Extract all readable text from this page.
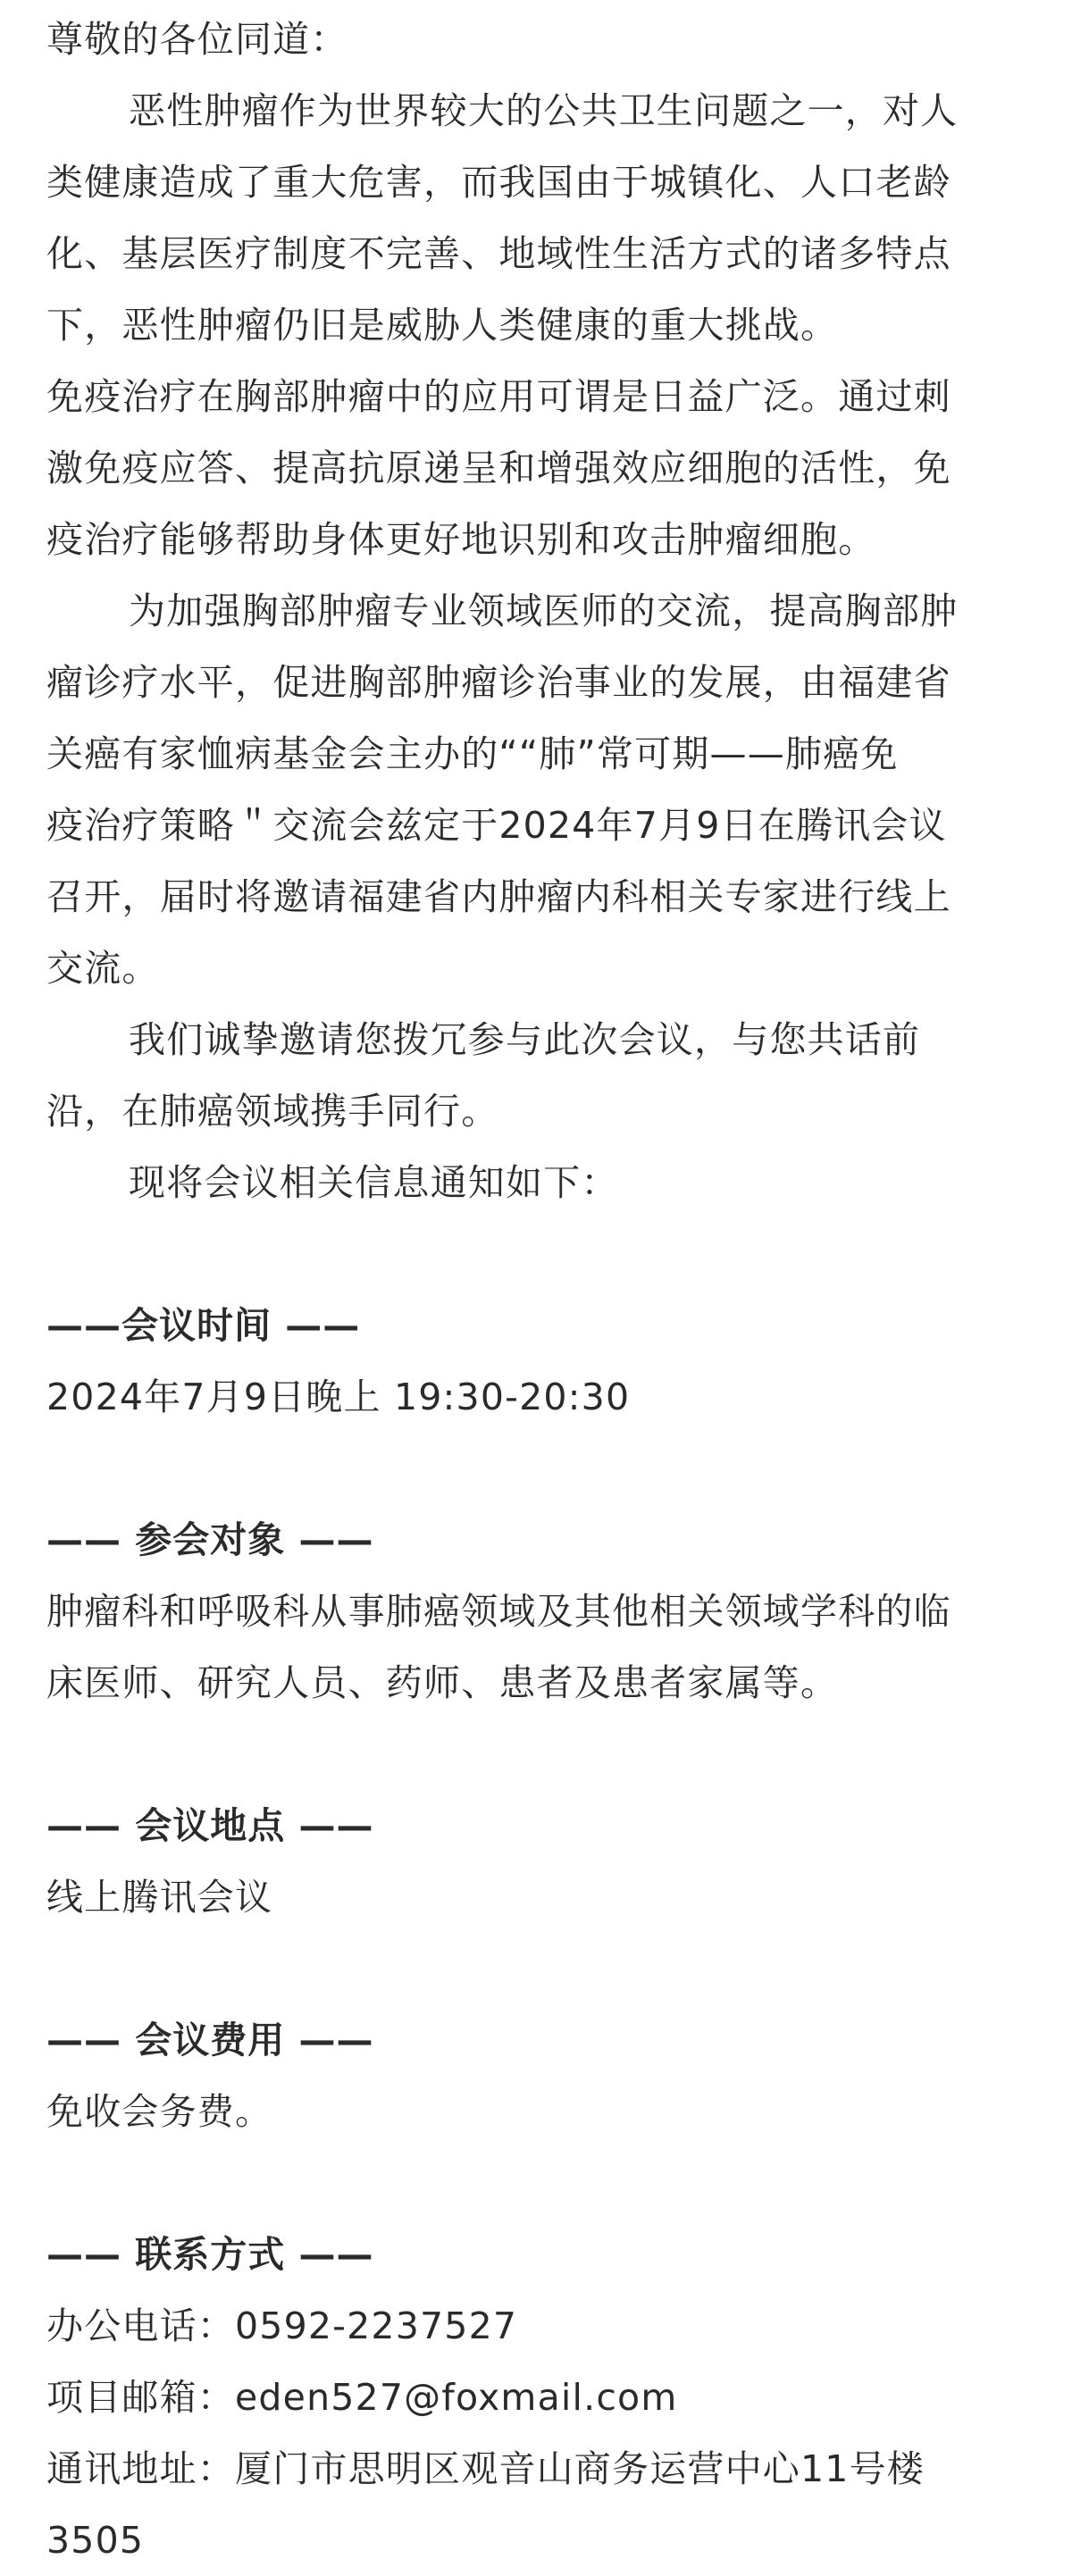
尊敬的各位同道：
恶性肿瘤作为世界较大的公共卫生问题之一，对人
类健康造成了重大危害，而我国由于城镇化、人口老龄
化、基层医疗制度不完善、地域性生活方式的诸多特点
下，恶性肿瘤仍旧是威胁人类健康的重大挑战。
免疫治疗在胸部肿瘤中的应用可谓是日益广泛。通过刺
激免疫应答、提高抗原递呈和增强效应细胞的活性，免
疫治疗能够帮助身体更好地识别和攻击肿瘤细胞。
为加强胸部肿瘤专业领域医师的交流，提高胸部肿
瘤诊疗水平，促进胸部肿瘤诊治事业的发展，由福建省
关癌有家恤病基金会主办的““肺”常可期——肺癌免
疫治疗策略＂交流会兹定于2024年7月9日在腾讯会议
召开，届时将邀请福建省内肿瘤内科相关专家进行线上
交流。
我们诚挚邀请您拨冗参与此次会议，与您共话前
沿，在肺癌领域携手同行。
现将会议相关信息通知如下：
——会议时间 ——
2024年7月9日晚上 19:30-20:30
—— 参会对象 ——
肿瘤科和呼吸科从事肺癌领域及其他相关领域学科的临
床医师、研究人员、药师、患者及患者家属等。
—— 会议地点 ——
线上腾讯会议
—— 会议费用 ——
免收会务费。
—— 联系方式 ——
办公电话：0592-2237527
项目邮箱：eden527@foxmail.com
通讯地址：厦门市思明区观音山商务运营中心11号楼
3505
